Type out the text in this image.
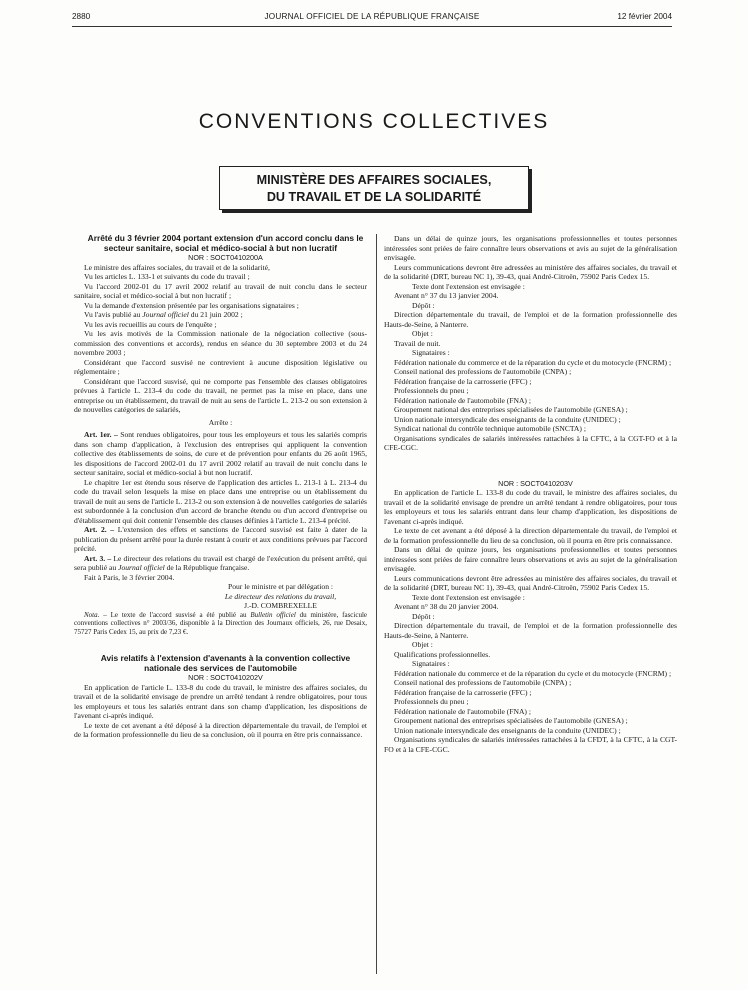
2880	JOURNAL OFFICIEL DE LA RÉPUBLIQUE FRANÇAISE	12 février 2004
CONVENTIONS COLLECTIVES
MINISTÈRE DES AFFAIRES SOCIALES,
DU TRAVAIL ET DE LA SOLIDARITÉ

Arrêté du 3 février 2004 portant extension d'un accord conclu dans le secteur sanitaire, social et médico-social à but non lucratif

NOR : SOCT0410200A

Le ministre des affaires sociales, du travail et de la solidarité,

Vu les articles L. 133-1 et suivants du code du travail ;

Vu l'accord 2002-01 du 17 avril 2002 relatif au travail de nuit conclu dans le secteur sanitaire, social et médico-social à but non lucratif ;

Vu la demande d'extension présentée par les organisations signataires ;

Vu l'avis publié au Journal officiel du 21 juin 2002 ;

Vu les avis recueillis au cours de l'enquête ;

Vu les avis motivés de la Commission nationale de la négociation collective (sous-commission des conventions et accords), rendus en séance du 30 septembre 2003 et du 24 novembre 2003 ;

Considérant que l'accord susvisé ne contrevient à aucune disposition législative ou réglementaire ;

Considérant que l'accord susvisé, qui ne comporte pas l'ensemble des clauses obligatoires prévues à l'article L. 213-4 du code du travail, ne permet pas la mise en place, dans une entreprise ou un établissement, du travail de nuit au sens de l'article L. 213-2 ou son extension à de nouvelles catégories de salariés,

Arrête :

Art. 1er. – Sont rendues obligatoires, pour tous les employeurs et tous les salariés compris dans son champ d'application, à l'exclusion des entreprises qui appliquent la convention collective des établissements de soins, de cure et de prévention pour enfants du 26 août 1965, les dispositions de l'accord 2002-01 du 17 avril 2002 relatif au travail de nuit conclu dans le secteur sanitaire, social et médico-social à but non lucratif.

Le chapitre 1er est étendu sous réserve de l'application des articles L. 213-1 à L. 213-4 du code du travail selon lesquels la mise en place dans une entreprise ou un établissement du travail de nuit au sens de l'article L. 213-2 ou son extension à de nouvelles catégories de salariés est subordonnée à la conclusion d'un accord de branche étendu ou d'un accord d'entreprise ou d'établissement qui doit contenir l'ensemble des clauses définies à l'article L. 213-4 précité.

Art. 2. – L'extension des effets et sanctions de l'accord susvisé est faite à dater de la publication du présent arrêté pour la durée restant à courir et aux conditions prévues par l'accord précité.

Art. 3. – Le directeur des relations du travail est chargé de l'exécution du présent arrêté, qui sera publié au Journal officiel de la République française.

Fait à Paris, le 3 février 2004.

Pour le ministre et par délégation :

Le directeur des relations du travail,

J.-D. COMBREXELLE

Nota. – Le texte de l'accord susvisé a été publié au Bulletin officiel du ministère, fascicule conventions collectives n° 2003/36, disponible à la Direction des Journaux officiels, 26, rue Desaix, 75727 Paris Cedex 15, au prix de 7,23 €.

Avis relatifs à l'extension d'avenants à la convention collective nationale des services de l'automobile

NOR : SOCT0410202V

En application de l'article L. 133-8 du code du travail, le ministre des affaires sociales, du travail et de la solidarité envisage de prendre un arrêté tendant à rendre obligatoires, pour tous les employeurs et tous les salariés entrant dans son champ d'application, les dispositions de l'avenant ci-après indiqué.

Le texte de cet avenant a été déposé à la direction départementale du travail, de l'emploi et de la formation professionnelle du lieu de sa conclusion, où il pourra en être pris connaissance.

Dans un délai de quinze jours, les organisations professionnelles et toutes personnes intéressées sont priées de faire connaître leurs observations et avis au sujet de la généralisation envisagée.

Leurs communications devront être adressées au ministère des affaires sociales, du travail et de la solidarité (DRT, bureau NC 1), 39-43, quai André-Citroën, 75902 Paris Cedex 15.

Texte dont l'extension est envisagée :

Avenant n° 37 du 13 janvier 2004.

Dépôt :

Direction départementale du travail, de l'emploi et de la formation professionnelle des Hauts-de-Seine, à Nanterre.

Objet :

Travail de nuit.

Signataires :

Fédération nationale du commerce et de la réparation du cycle et du motocycle (FNCRM) ;

Conseil national des professions de l'automobile (CNPA) ;

Fédération française de la carrosserie (FFC) ;

Professionnels du pneu ;

Fédération nationale de l'automobile (FNA) ;

Groupement national des entreprises spécialisées de l'automobile (GNESA) ;

Union nationale intersyndicale des enseignants de la conduite (UNIDEC) ;

Syndicat national du contrôle technique automobile (SNCTA) ;

Organisations syndicales de salariés intéressées rattachées à la CFTC, à la CGT-FO et à la CFE-CGC.

NOR : SOCT0410203V

En application de l'article L. 133-8 du code du travail, le ministre des affaires sociales, du travail et de la solidarité envisage de prendre un arrêté tendant à rendre obligatoires, pour tous les employeurs et tous les salariés entrant dans leur champ d'application, les dispositions de l'avenant ci-après indiqué.

Le texte de cet avenant a été déposé à la direction départementale du travail, de l'emploi et de la formation professionnelle du lieu de sa conclusion, où il pourra en être pris connaissance.

Dans un délai de quinze jours, les organisations professionnelles et toutes personnes intéressées sont priées de faire connaître leurs observations et avis au sujet de la généralisation envisagée.

Leurs communications devront être adressées au ministère des affaires sociales, du travail et de la solidarité (DRT, bureau NC 1), 39-43, quai André-Citroën, 75902 Paris Cedex 15.

Texte dont l'extension est envisagée :

Avenant n° 38 du 20 janvier 2004.

Dépôt :

Direction départementale du travail, de l'emploi et de la formation professionnelle des Hauts-de-Seine, à Nanterre.

Objet :

Qualifications professionnelles.

Signataires :

Fédération nationale du commerce et de la réparation du cycle et du motocycle (FNCRM) ;

Conseil national des professions de l'automobile (CNPA) ;

Fédération française de la carrosserie (FFC) ;

Professionnels du pneu ;

Fédération nationale de l'automobile (FNA) ;

Groupement national des entreprises spécialisées de l'automobile (GNESA) ;

Union nationale intersyndicale des enseignants de la conduite (UNIDEC) ;

Organisations syndicales de salariés intéressées rattachées à la CFDT, à la CFTC, à la CGT-FO et à la CFE-CGC.
